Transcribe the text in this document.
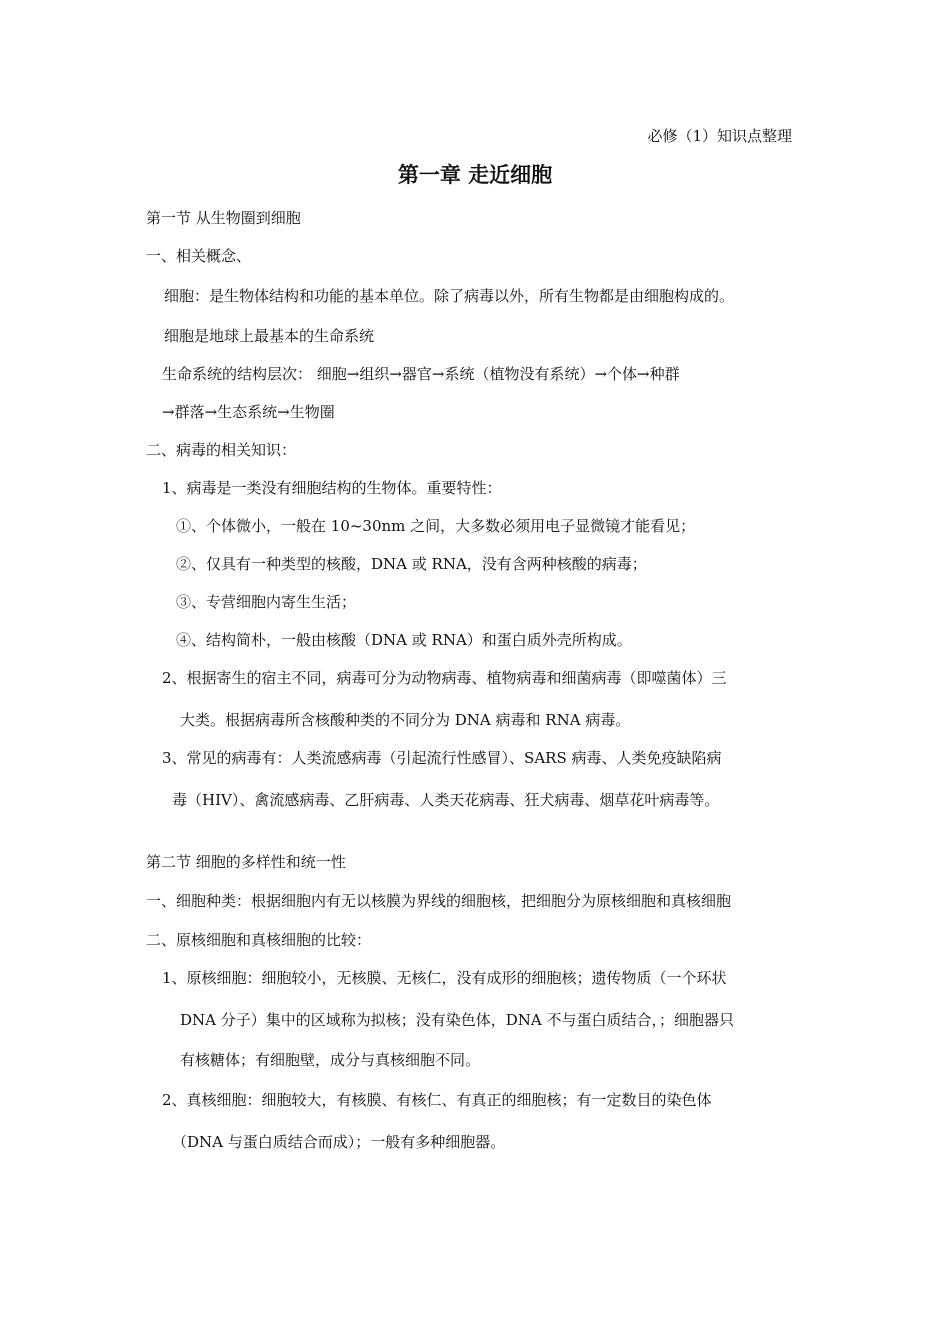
必修（1）知识点整理
第一章 走近细胞
第一节 从生物圈到细胞
一、相关概念、
细胞：是生物体结构和功能的基本单位。除了病毒以外，所有生物都是由细胞构成的。
细胞是地球上最基本的生命系统
生命系统的结构层次： 细胞→组织→器官→系统（植物没有系统）→个体→种群
→群落→生态系统→生物圈
二、病毒的相关知识：
1、病毒是一类没有细胞结构的生物体。重要特性：
①、个体微小，一般在 10~30nm 之间，大多数必须用电子显微镜才能看见；
②、仅具有一种类型的核酸，DNA 或 RNA，没有含两种核酸的病毒；
③、专营细胞内寄生生活；
④、结构简朴，一般由核酸（DNA 或 RNA）和蛋白质外壳所构成。
2、根据寄生的宿主不同，病毒可分为动物病毒、植物病毒和细菌病毒（即噬菌体）三
大类。根据病毒所含核酸种类的不同分为 DNA 病毒和 RNA 病毒。
3、常见的病毒有：人类流感病毒（引起流行性感冒）、SARS 病毒、人类免疫缺陷病
毒（HIV）、禽流感病毒、乙肝病毒、人类天花病毒、狂犬病毒、烟草花叶病毒等。
第二节 细胞的多样性和统一性
一、细胞种类：根据细胞内有无以核膜为界线的细胞核，把细胞分为原核细胞和真核细胞
二、原核细胞和真核细胞的比较：
1、原核细胞：细胞较小，无核膜、无核仁，没有成形的细胞核；遗传物质（一个环状
DNA 分子）集中的区域称为拟核；没有染色体，DNA 不与蛋白质结合，；细胞器只
有核糖体；有细胞壁，成分与真核细胞不同。
2、真核细胞：细胞较大，有核膜、有核仁、有真正的细胞核；有一定数目的染色体
（DNA 与蛋白质结合而成）；一般有多种细胞器。
